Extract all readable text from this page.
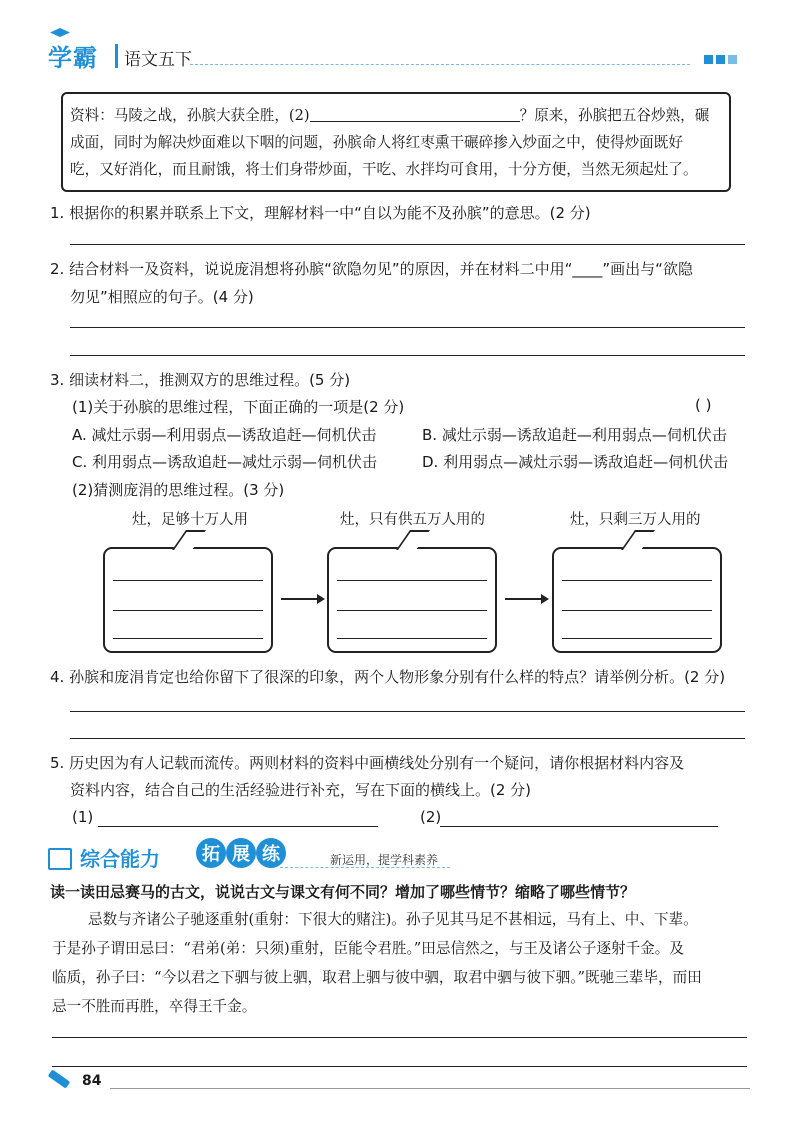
学霸 语文五下
资料：马陵之战，孙膑大获全胜，(2)	？原来，孙膑把五谷炒熟，碾
成面，同时为解决炒面难以下咽的问题，孙膑命人将红枣熏干碾碎掺入炒面之中，使得炒面既好
吃，又好消化，而且耐饿，将士们身带炒面，干吃、水拌均可食用，十分方便，当然无须起灶了。
1. 根据你的积累并联系上下文，理解材料一中“自以为能不及孙膑”的意思。(2 分)
2. 结合材料一及资料，说说庞涓想将孙膑“欲隐勿见”的原因，并在材料二中用“____”画出与“欲隐
勿见”相照应的句子。(4 分)
3. 细读材料二，推测双方的思维过程。(5 分)
(1)关于孙膑的思维过程，下面正确的一项是(2 分)	( )
A. 减灶示弱—利用弱点—诱敌追赶—伺机伏击	B. 减灶示弱—诱敌追赶—利用弱点—伺机伏击
C. 利用弱点—诱敌追赶—减灶示弱—伺机伏击	D. 利用弱点—减灶示弱—诱敌追赶—伺机伏击
(2)猜测庞涓的思维过程。(3 分)
灶，足够十万人用	灶，只有供五万人用的	灶，只剩三万人用的
4. 孙膑和庞涓肯定也给你留下了很深的印象，两个人物形象分别有什么样的特点？请举例分析。(2 分)
5. 历史因为有人记载而流传。两则材料的资料中画横线处分别有一个疑问，请你根据材料内容及
资料内容，结合自己的生活经验进行补充，写在下面的横线上。(2 分)
(1)	(2)
综合能力	拓 展 练	新运用，提学科素养
读一读田忌赛马的古文，说说古文与课文有何不同？增加了哪些情节？缩略了哪些情节？
忌数与齐诸公子驰逐重射(重射：下很大的赌注)。孙子见其马足不甚相远，马有上、中、下辈。
于是孙子谓田忌曰：“君弟(弟：只须)重射，臣能令君胜。”田忌信然之，与王及诸公子逐射千金。及
临质，孙子曰：“今以君之下驷与彼上驷，取君上驷与彼中驷，取君中驷与彼下驷。”既驰三辈毕，而田
忌一不胜而再胜，卒得王千金。
84
